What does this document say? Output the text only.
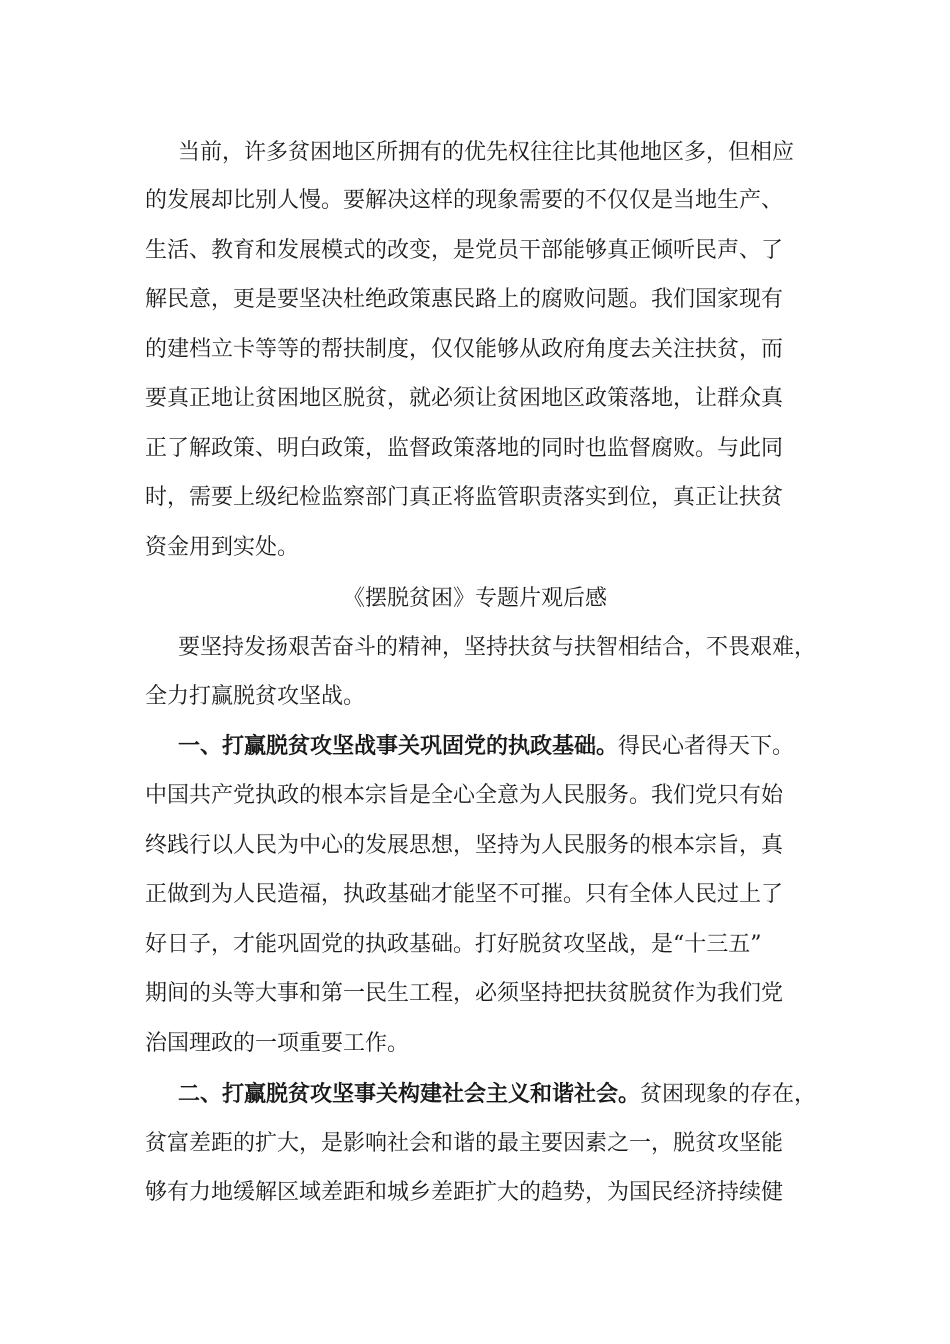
当前，许多贫困地区所拥有的优先权往往比其他地区多，但相应
的发展却比别人慢。要解决这样的现象需要的不仅仅是当地生产、
生活、教育和发展模式的改变，是党员干部能够真正倾听民声、了
解民意，更是要坚决杜绝政策惠民路上的腐败问题。我们国家现有
的建档立卡等等的帮扶制度，仅仅能够从政府角度去关注扶贫，而
要真正地让贫困地区脱贫，就必须让贫困地区政策落地，让群众真
正了解政策、明白政策，监督政策落地的同时也监督腐败。与此同
时，需要上级纪检监察部门真正将监管职责落实到位，真正让扶贫
资金用到实处。
《摆脱贫困》专题片观后感
要坚持发扬艰苦奋斗的精神，坚持扶贫与扶智相结合，不畏艰难，
全力打赢脱贫攻坚战。
一、打赢脱贫攻坚战事关巩固党的执政基础。得民心者得天下。
中国共产党执政的根本宗旨是全心全意为人民服务。我们党只有始
终践行以人民为中心的发展思想，坚持为人民服务的根本宗旨，真
正做到为人民造福，执政基础才能坚不可摧。只有全体人民过上了
好日子，才能巩固党的执政基础。打好脱贫攻坚战，是“十三五”
期间的头等大事和第一民生工程，必须坚持把扶贫脱贫作为我们党
治国理政的一项重要工作。
二、打赢脱贫攻坚事关构建社会主义和谐社会。贫困现象的存在，
贫富差距的扩大，是影响社会和谐的最主要因素之一，脱贫攻坚能
够有力地缓解区域差距和城乡差距扩大的趋势，为国民经济持续健
